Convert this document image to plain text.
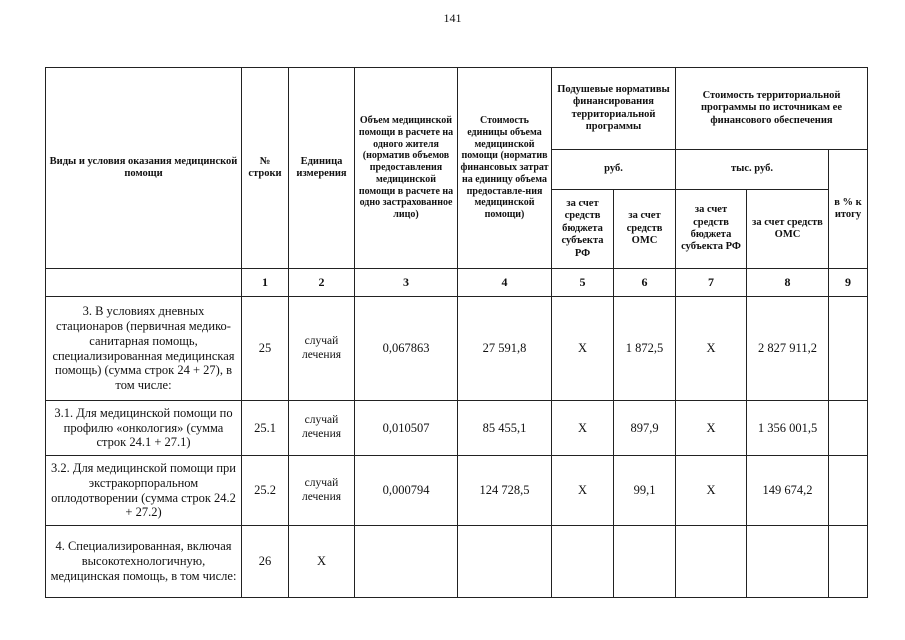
141
Виды и условия оказания медицинской помощи	№ строки	Единица измерения	Объем медицинской помощи в расчете на одного жителя (норматив объемов предоставления медицинской помощи в расчете на одно застрахованное лицо)	Стоимость единицы объема медицинской помощи (норматив финансовых затрат на единицу объема предоставле-ния медицинской помощи)	Подушевые нормативы финансирования территориальной программы		Стоимость территориальной программы по источникам ее финансового обеспечения		
					руб.		тыс. руб.		в % к итогу
					за счет средств бюджета субъекта РФ	за счет средств ОМС	за счет средств бюджета субъекта РФ	за счет средств ОМС	
	1	2	3	4	5	6	7	8	9
3. В условиях дневных стационаров (первичная медико-санитарная помощь, специализированная медицинская помощь) (сумма строк 24 + 27), в том числе:	25	случай лечения	0,067863	27 591,8	Х	1 872,5	Х	2 827 911,2	
3.1. Для медицинской помощи по профилю «онкология» (сумма строк 24.1 + 27.1)	25.1	случай лечения	0,010507	85 455,1	Х	897,9	Х	1 356 001,5	
3.2. Для медицинской помощи при экстракорпоральном оплодотворении (сумма строк 24.2 + 27.2)	25.2	случай лечения	0,000794	124 728,5	Х	99,1	Х	149 674,2	
4. Специализированная, включая высокотехнологичную, медицинская помощь, в том числе:	26	Х							
